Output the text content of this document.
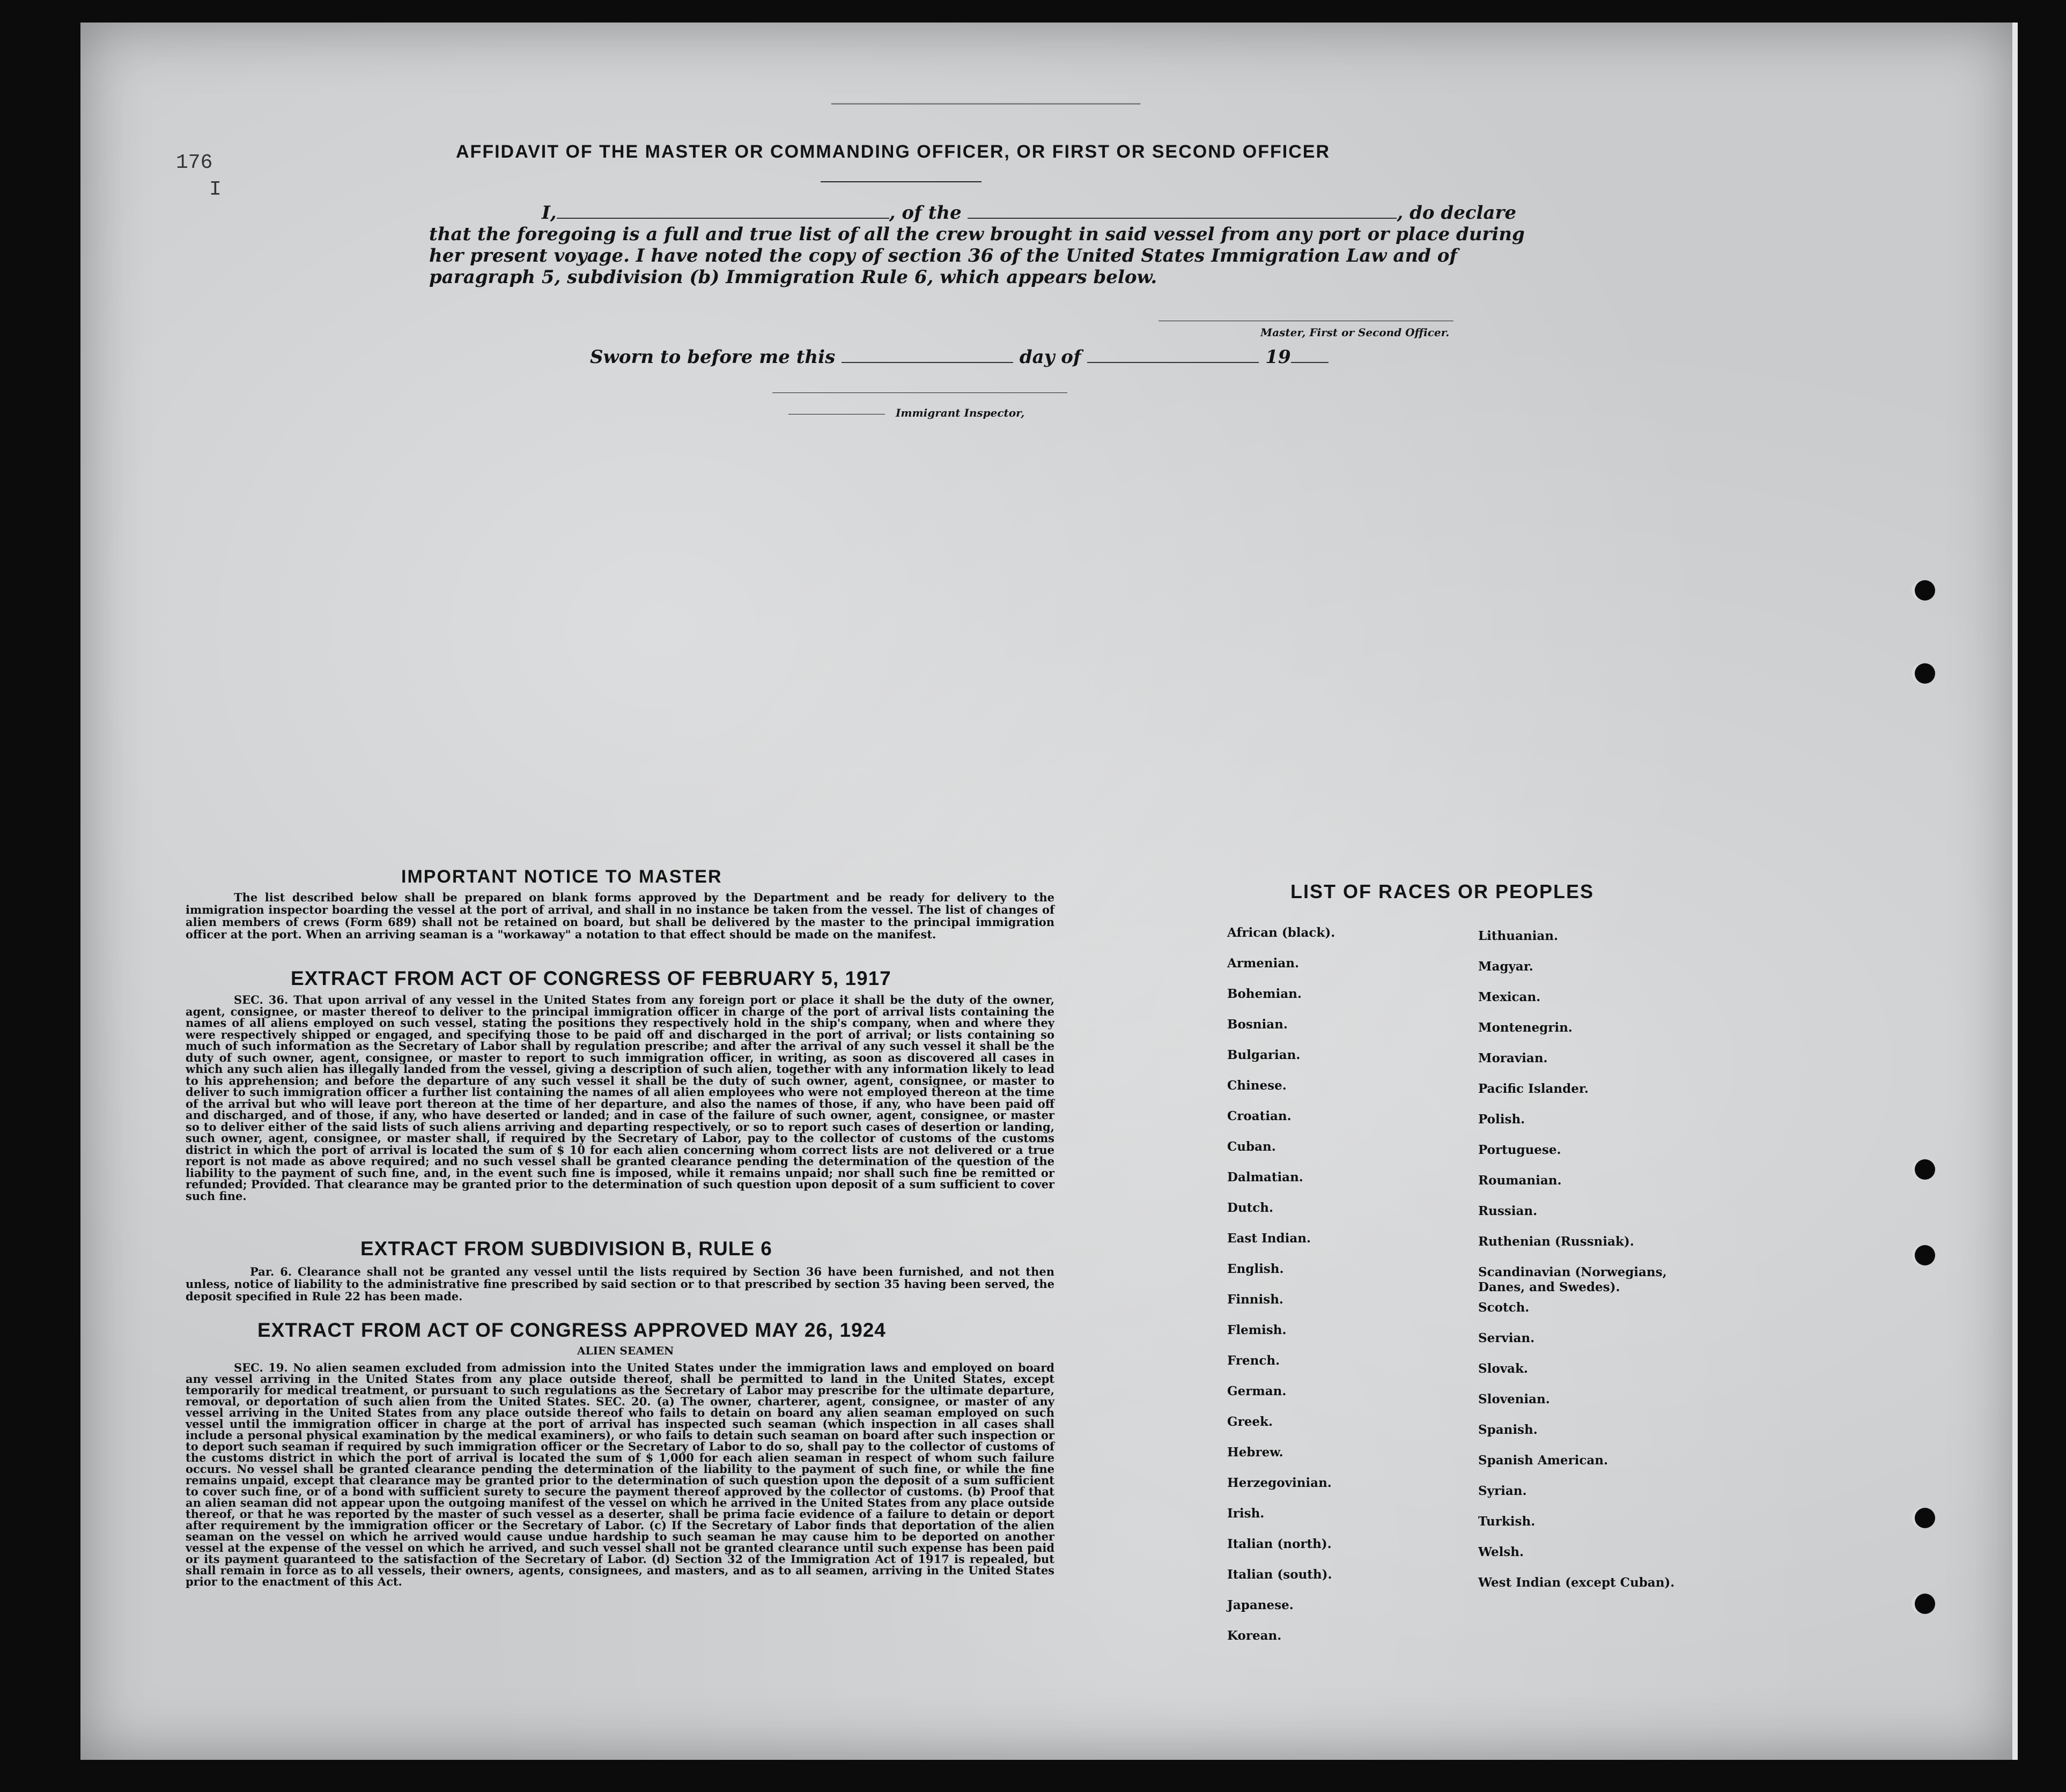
————————————————————————
176
I
AFFIDAVIT OF THE MASTER OR COMMANDING OFFICER, OR FIRST OR SECOND OFFICER
I,	, of the	, do declare
that the foregoing is a full and true list of all the crew brought in said vessel from any port or place during her present voyage. I have noted the copy of section 36 of the United States Immigration Law and of paragraph 5, subdivision (b) Immigration Rule 6, which appears below.
Master, First or Second Officer.
Sworn to before me this	day of	19
Immigrant Inspector,
IMPORTANT NOTICE TO MASTER
The list described below shall be prepared on blank forms approved by the Department and be ready for delivery to the immigration inspector boarding the vessel at the port of arrival, and shall in no instance be taken from the vessel. The list of changes of alien members of crews (Form 689) shall not be retained on board, but shall be delivered by the master to the principal immigration officer at the port. When an arriving seaman is a "workaway" a notation to that effect should be made on the manifest.
EXTRACT FROM ACT OF CONGRESS OF FEBRUARY 5, 1917
SEC. 36. That upon arrival of any vessel in the United States from any foreign port or place it shall be the duty of the owner, agent, consignee, or master thereof to deliver to the principal immigration officer in charge of the port of arrival lists containing the names of all aliens employed on such vessel, stating the positions they respectively hold in the ship's company, when and where they were respectively shipped or engaged, and specifying those to be paid off and discharged in the port of arrival; or lists containing so much of such information as the Secretary of Labor shall by regulation prescribe; and after the arrival of any such vessel it shall be the duty of such owner, agent, consignee, or master to report to such immigration officer, in writing, as soon as discovered all cases in which any such alien has illegally landed from the vessel, giving a description of such alien, together with any information likely to lead to his apprehension; and before the departure of any such vessel it shall be the duty of such owner, agent, consignee, or master to deliver to such immigration officer a further list containing the names of all alien employees who were not employed thereon at the time of the arrival but who will leave port thereon at the time of her departure, and also the names of those, if any, who have been paid off and discharged, and of those, if any, who have deserted or landed; and in case of the failure of such owner, agent, consignee, or master so to deliver either of the said lists of such aliens arriving and departing respectively, or so to report such cases of desertion or landing, such owner, agent, consignee, or master shall, if required by the Secretary of Labor, pay to the collector of customs of the customs district in which the port of arrival is located the sum of $ 10 for each alien concerning whom correct lists are not delivered or a true report is not made as above required; and no such vessel shall be granted clearance pending the determination of the question of the liability to the payment of such fine, and, in the event such fine is imposed, while it remains unpaid; nor shall such fine be remitted or refunded; Provided. That clearance may be granted prior to the determination of such question upon deposit of a sum sufficient to cover such fine.
EXTRACT FROM SUBDIVISION B, RULE 6
Par. 6. Clearance shall not be granted any vessel until the lists required by Section 36 have been furnished, and not then unless, notice of liability to the administrative fine prescribed by said section or to that prescribed by section 35 having been served, the deposit specified in Rule 22 has been made.
EXTRACT FROM ACT OF CONGRESS APPROVED MAY 26, 1924
ALIEN SEAMEN
SEC. 19. No alien seamen excluded from admission into the United States under the immigration laws and employed on board any vessel arriving in the United States from any place outside thereof, shall be permitted to land in the United States, except temporarily for medical treatment, or pursuant to such regulations as the Secretary of Labor may prescribe for the ultimate departure, removal, or deportation of such alien from the United States. SEC. 20. (a) The owner, charterer, agent, consignee, or master of any vessel arriving in the United States from any place outside thereof who fails to detain on board any alien seaman employed on such vessel until the immigration officer in charge at the port of arrival has inspected such seaman (which inspection in all cases shall include a personal physical examination by the medical examiners), or who fails to detain such seaman on board after such inspection or to deport such seaman if required by such immigration officer or the Secretary of Labor to do so, shall pay to the collector of customs of the customs district in which the port of arrival is located the sum of $ 1,000 for each alien seaman in respect of whom such failure occurs. No vessel shall be granted clearance pending the determination of the liability to the payment of such fine, or while the fine remains unpaid, except that clearance may be granted prior to the determination of such question upon the deposit of a sum sufficient to cover such fine, or of a bond with sufficient surety to secure the payment thereof approved by the collector of customs. (b) Proof that an alien seaman did not appear upon the outgoing manifest of the vessel on which he arrived in the United States from any place outside thereof, or that he was reported by the master of such vessel as a deserter, shall be prima facie evidence of a failure to detain or deport after requirement by the immigration officer or the Secretary of Labor. (c) If the Secretary of Labor finds that deportation of the alien seaman on the vessel on which he arrived would cause undue hardship to such seaman he may cause him to be deported on another vessel at the expense of the vessel on which he arrived, and such vessel shall not be granted clearance until such expense has been paid or its payment guaranteed to the satisfaction of the Secretary of Labor. (d) Section 32 of the Immigration Act of 1917 is repealed, but shall remain in force as to all vessels, their owners, agents, consignees, and masters, and as to all seamen, arriving in the United States prior to the enactment of this Act.
LIST OF RACES OR PEOPLES
African (black).
Armenian.
Bohemian.
Bosnian.
Bulgarian.
Chinese.
Croatian.
Cuban.
Dalmatian.
Dutch.
East Indian.
English.
Finnish.
Flemish.
French.
German.
Greek.
Hebrew.
Herzegovinian.
Irish.
Italian (north).
Italian (south).
Japanese.
Korean.
Lithuanian.
Magyar.
Mexican.
Montenegrin.
Moravian.
Pacific Islander.
Polish.
Portuguese.
Roumanian.
Russian.
Ruthenian (Russniak).
Scandinavian (Norwegians, Danes, and Swedes).
Scotch.
Servian.
Slovak.
Slovenian.
Spanish.
Spanish American.
Syrian.
Turkish.
Welsh.
West Indian (except Cuban).
